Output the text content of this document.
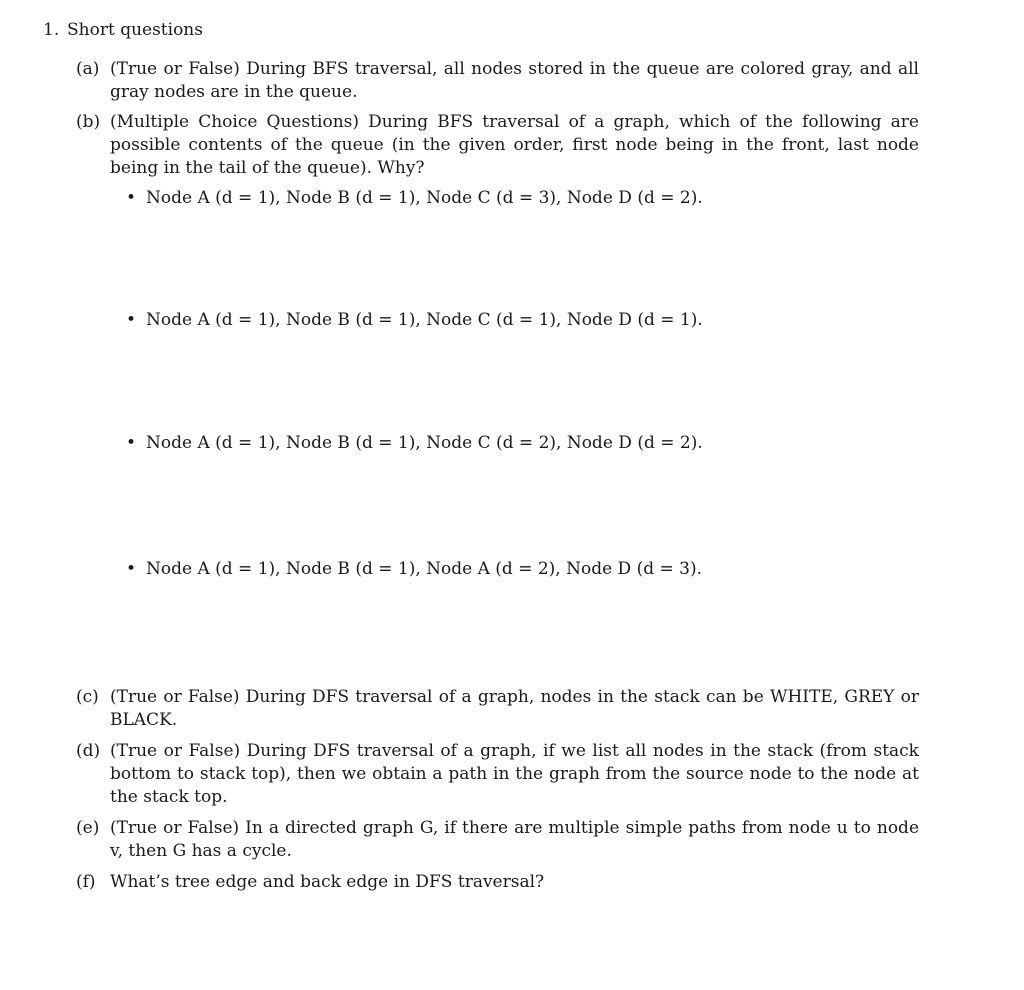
1. Short questions
(a) (True or False) During BFS traversal, all nodes stored in the queue are colored gray, and all gray nodes are in the queue.
(b) (Multiple Choice Questions) During BFS traversal of a graph, which of the following are possible contents of the queue (in the given order, first node being in the front, last node being in the tail of the queue). Why?
• Node A (d = 1), Node B (d = 1), Node C (d = 3), Node D (d = 2).
• Node A (d = 1), Node B (d = 1), Node C (d = 1), Node D (d = 1).
• Node A (d = 1), Node B (d = 1), Node C (d = 2), Node D (d = 2).
• Node A (d = 1), Node B (d = 1), Node A (d = 2), Node D (d = 3).
(c) (True or False) During DFS traversal of a graph, nodes in the stack can be WHITE, GREY or BLACK.
(d) (True or False) During DFS traversal of a graph, if we list all nodes in the stack (from stack bottom to stack top), then we obtain a path in the graph from the source node to the node at the stack top.
(e) (True or False) In a directed graph G, if there are multiple simple paths from node u to node v, then G has a cycle.
(f) What’s tree edge and back edge in DFS traversal?
